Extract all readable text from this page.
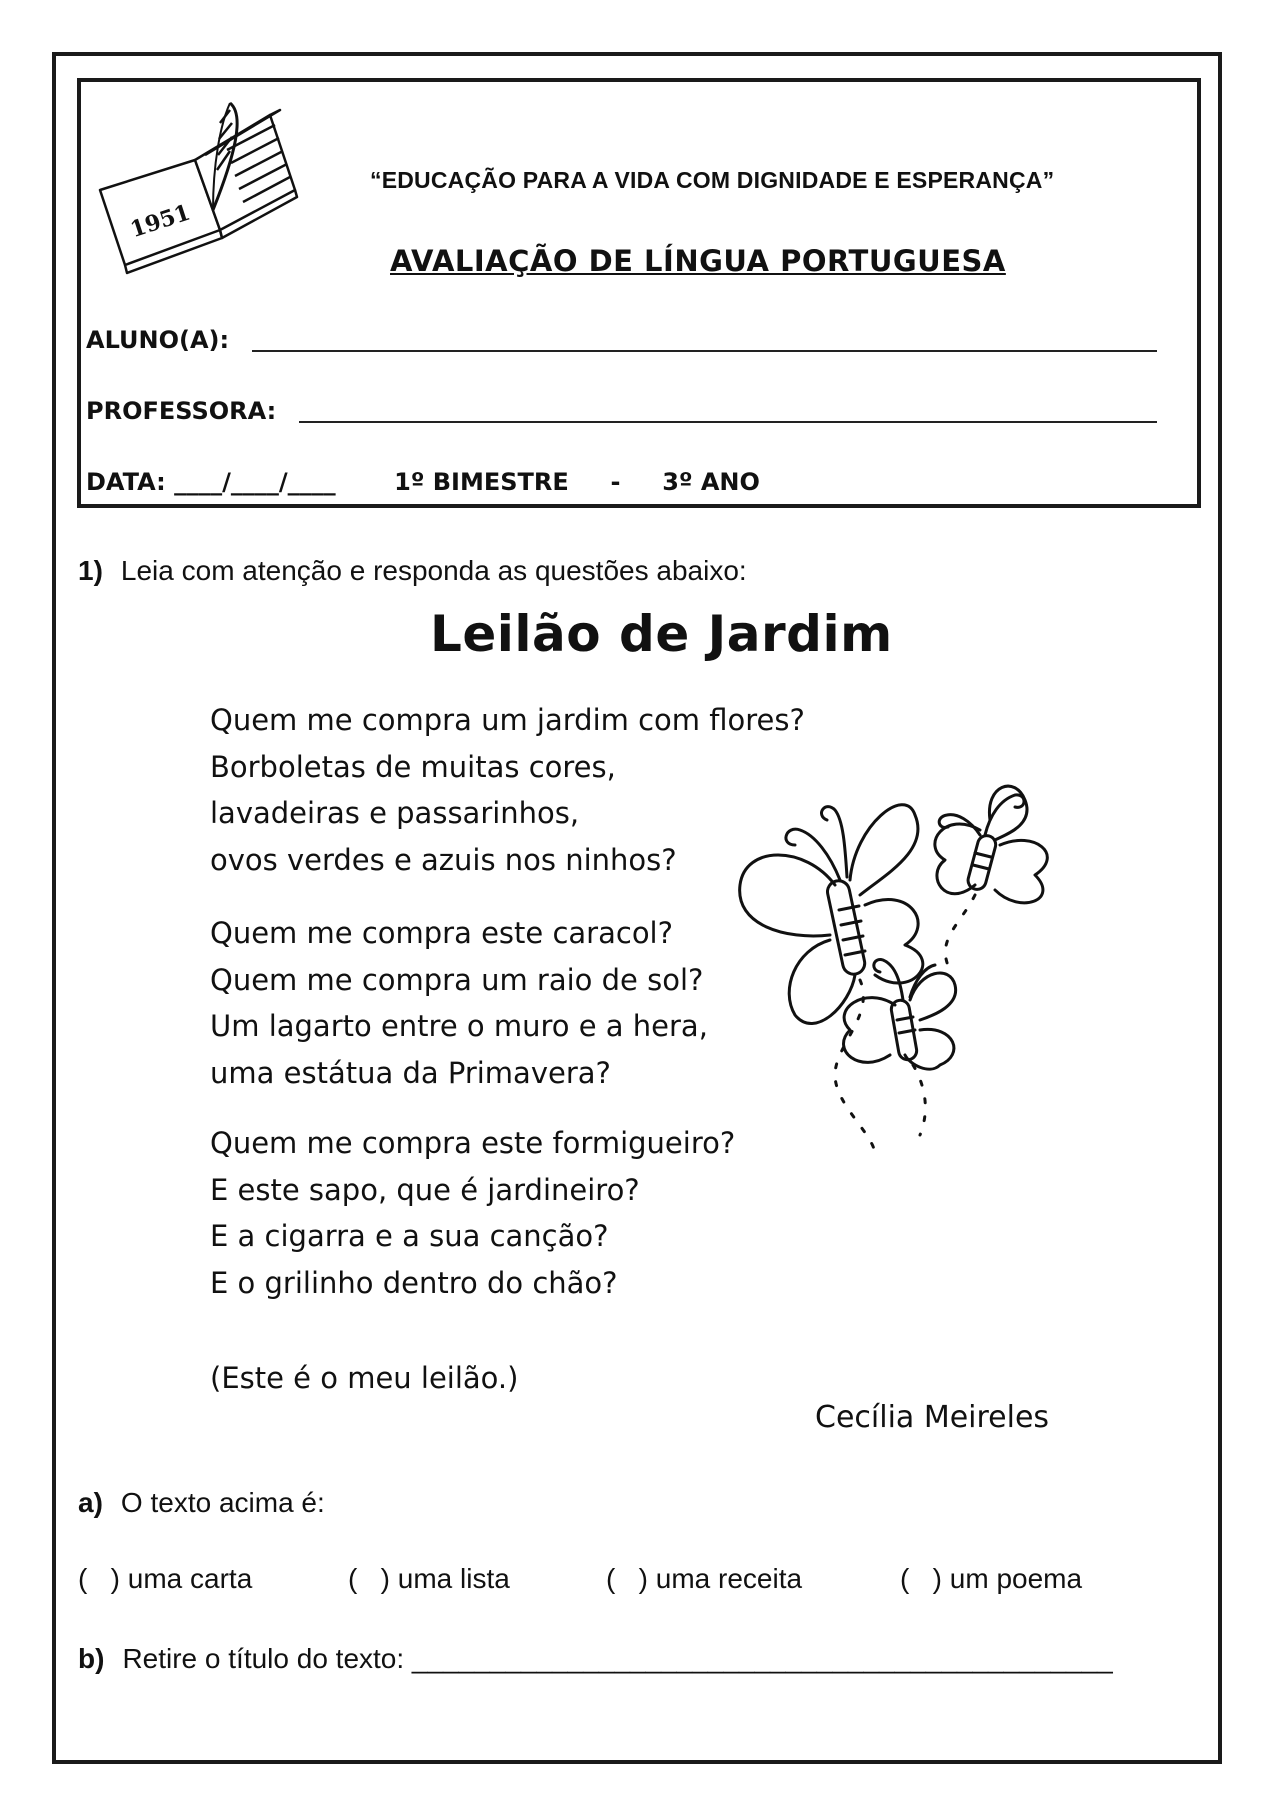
1951
“EDUCAÇÃO PARA A VIDA COM DIGNIDADE E ESPERANÇA”
AVALIAÇÃO DE LÍNGUA PORTUGUESA
ALUNO(A):
PROFESSORA:
DATA: ____/____/____       1º BIMESTRE     -     3º ANO
1) Leia com atenção e responda as questões abaixo:
Leilão de Jardim
Quem me compra um jardim com flores?
Borboletas de muitas cores,
lavadeiras e passarinhos,
ovos verdes e azuis nos ninhos?
Quem me compra este caracol?
Quem me compra um raio de sol?
Um lagarto entre o muro e a hera,
uma estátua da Primavera?
Quem me compra este formigueiro?
E este sapo, que é jardineiro?
E a cigarra e a sua canção?
E o grilinho dentro do chão?
(Este é o meu leilão.)
Cecília Meireles
a) O texto acima é:
(   ) uma carta	(   ) uma lista	(   ) uma receita	(   ) um poema
b) Retire o título do texto: _____________________________________________
